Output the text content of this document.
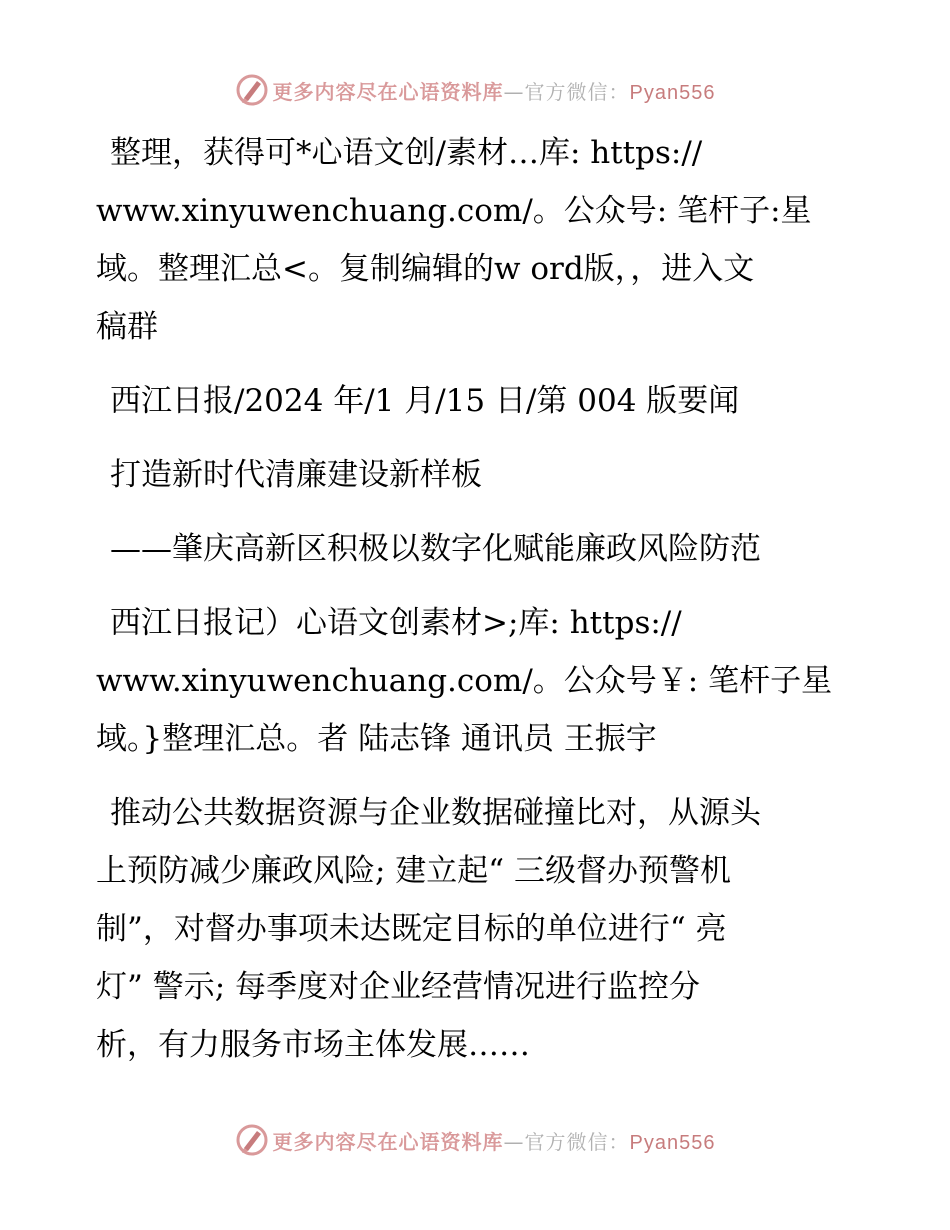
更多内容尽在心语资料库—官方微信：Pyan556

整理，获得可*心语文创/素材…库: https://

www.xinyuwenchuang.com/。公众号: 笔杆子:星

域。整理汇总<。复制编辑的w ord版，，进入文

稿群

西江日报/2024 年/1 月/15 日/第 004 版要闻

打造新时代清廉建设新样板

——肇庆高新区积极以数字化赋能廉政风险防范

西江日报记）心语文创素材>;库: https://

www.xinyuwenchuang.com/。公众号￥: 笔杆子星

域。}整理汇总。者 陆志锋 通讯员 王振宇

推动公共数据资源与企业数据碰撞比对，从源头

上预防减少廉政风险; 建立起“ 三级督办预警机

制”，对督办事项未达既定目标的单位进行“ 亮

灯” 警示; 每季度对企业经营情况进行监控分

析，有力服务市场主体发展……

更多内容尽在心语资料库—官方微信：Pyan556
